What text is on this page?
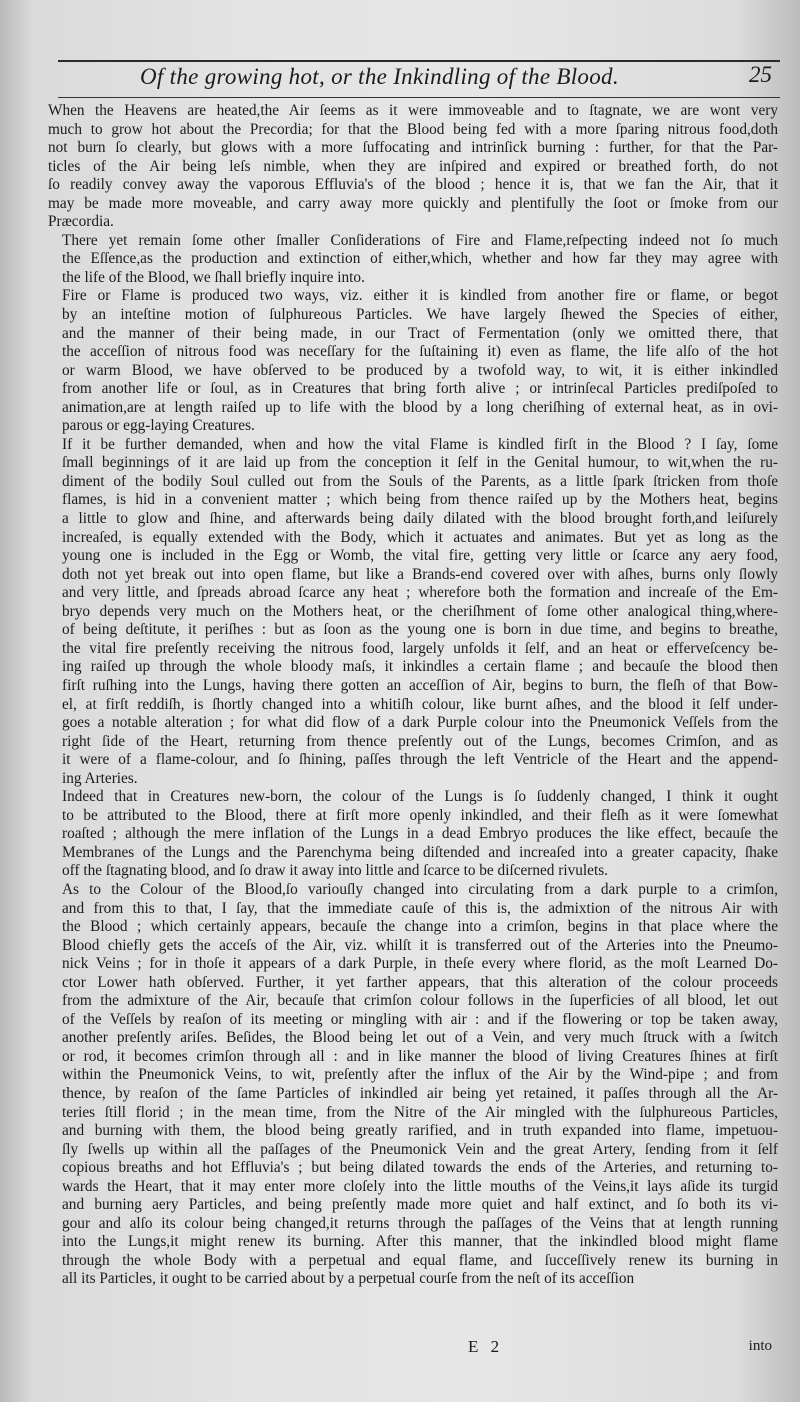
Of the growing hot, or the Inkindling of the Blood.	25

When the Heavens are heated,the Air ſeems as it were immoveable and to ſtagnate, we are wont very
much to grow hot about the Precordia; for that the Blood being fed with a more ſparing nitrous food,doth
not burn ſo clearly, but glows with a more ſuffocating and intrinſick burning : further, for that the Par-
ticles of the Air being leſs nimble, when they are inſpired and expired or breathed forth, do not
ſo readily convey away the vaporous Effluvia's of the blood ; hence it is, that we fan the Air, that it
may be made more moveable, and carry away more quickly and plentifully the ſoot or ſmoke from our
Præcordia.

There yet remain ſome other ſmaller Conſiderations of Fire and Flame,reſpecting indeed not ſo much
the Eſſence,as the production and extinction of either,which, whether and how far they may agree with
the life of the Blood, we ſhall briefly inquire into.

Fire or Flame is produced two ways, viz. either it is kindled from another fire or flame, or begot
by an inteſtine motion of ſulphureous Particles. We have largely ſhewed the Species of either,
and the manner of their being made, in our Tract of Fermentation (only we omitted there, that
the acceſſion of nitrous food was neceſſary for the ſuſtaining it) even as flame, the life alſo of the hot
or warm Blood, we have obſerved to be produced by a twofold way, to wit, it is either inkindled
from another life or ſoul, as in Creatures that bring forth alive ; or intrinſecal Particles prediſpoſed to
animation,are at length raiſed up to life with the blood by a long cheriſhing of external heat, as in ovi-
parous or egg-laying Creatures.

If it be further demanded, when and how the vital Flame is kindled firſt in the Blood ? I ſay, ſome
ſmall beginnings of it are laid up from the conception it ſelf in the Genital humour, to wit,when the ru-
diment of the bodily Soul culled out from the Souls of the Parents, as a little ſpark ſtricken from thoſe
flames, is hid in a convenient matter ; which being from thence raiſed up by the Mothers heat, begins
a little to glow and ſhine, and afterwards being daily dilated with the blood brought forth,and leiſurely
increaſed, is equally extended with the Body, which it actuates and animates. But yet as long as the
young one is included in the Egg or Womb, the vital fire, getting very little or ſcarce any aery food,
doth not yet break out into open flame, but like a Brands-end covered over with aſhes, burns only ſlowly
and very little, and ſpreads abroad ſcarce any heat ; wherefore both the formation and increaſe of the Em-
bryo depends very much on the Mothers heat, or the cheriſhment of ſome other analogical thing,where-
of being deſtitute, it periſhes : but as ſoon as the young one is born in due time, and begins to breathe,
the vital fire preſently receiving the nitrous food, largely unfolds it ſelf, and an heat or effervеſcency be-
ing raiſed up through the whole bloody maſs, it inkindles a certain flame ; and becauſe the blood then
firſt ruſhing into the Lungs, having there gotten an acceſſion of Air, begins to burn, the fleſh of that Bow-
el, at firſt reddiſh, is ſhortly changed into a whitiſh colour, like burnt aſhes, and the blood it ſelf under-
goes a notable alteration ; for what did flow of a dark Purple colour into the Pneumonick Veſſels from the
right ſide of the Heart, returning from thence preſently out of the Lungs, becomes Crimſon, and as
it were of a flame-colour, and ſo ſhining, paſſes through the left Ventricle of the Heart and the append-
ing Arteries.

Indeed that in Creatures new-born, the colour of the Lungs is ſo ſuddenly changed, I think it ought
to be attributed to the Blood, there at firſt more openly inkindled, and their fleſh as it were ſomewhat
roaſted ; although the mere inflation of the Lungs in a dead Embryo produces the like effect, becauſe the
Membranes of the Lungs and the Parenchyma being diſtended and increaſed into a greater capacity, ſhake
off the ſtagnating blood, and ſo draw it away into little and ſcarce to be diſcerned rivulets.

As to the Colour of the Blood,ſo variouſly changed into circulating from a dark purple to a crimſon,
and from this to that, I ſay, that the immediate cauſe of this is, the admixtion of the nitrous Air with
the Blood ; which certainly appears, becauſe the change into a crimſon, begins in that place where the
Blood chiefly gets the acceſs of the Air, viz. whilſt it is transferred out of the Arteries into the Pneumo-
nick Veins ; for in thoſe it appears of a dark Purple, in theſe every where florid, as the moſt Learned Do-
ctor Lower hath obſerved. Further, it yet farther appears, that this alteration of the colour proceeds
from the admixture of the Air, becauſe that crimſon colour follows in the ſuperficies of all blood, let out
of the Veſſels by reaſon of its meeting or mingling with air : and if the flowering or top be taken away,
another preſently ariſes. Beſides, the Blood being let out of a Vein, and very much ſtruck with a ſwitch
or rod, it becomes crimſon through all : and in like manner the blood of living Creatures ſhines at firſt
within the Pneumonick Veins, to wit, preſently after the influx of the Air by the Wind-pipe ; and from
thence, by reaſon of the ſame Particles of inkindled air being yet retained, it paſſes through all the Ar-
teries ſtill florid ; in the mean time, from the Nitre of the Air mingled with the ſulphureous Particles,
and burning with them, the blood being greatly rarified, and in truth expanded into flame, impetuou-
ſly ſwells up within all the paſſages of the Pneumonick Vein and the great Artery, ſending from it ſelf
copious breaths and hot Effluvia's ; but being dilated towards the ends of the Arteries, and returning to-
wards the Heart, that it may enter more cloſely into the little mouths of the Veins,it lays aſide its turgid
and burning aery Particles, and being preſently made more quiet and half extinct, and ſo both its vi-
gour and alſo its colour being changed,it returns through the paſſages of the Veins that at length running
into the Lungs,it might renew its burning. After this manner, that the inkindled blood might flame
through the whole Body with a perpetual and equal flame, and ſucceſſively renew its burning in
all its Particles, it ought to be carried about by a perpetual courſe from the neſt of its acceſſion

E 2	into
